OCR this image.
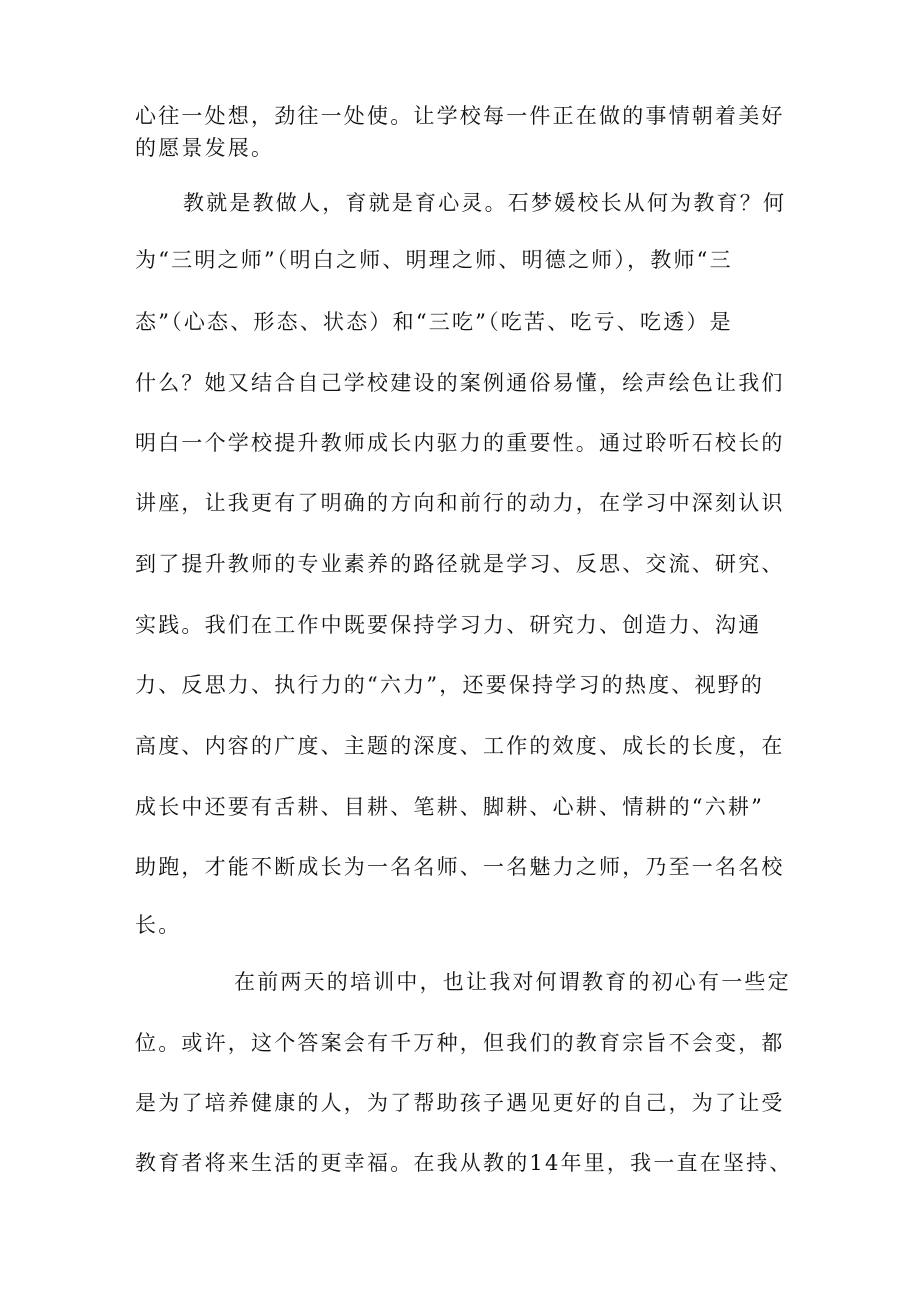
心往一处想，劲往一处使。让学校每一件正在做的事情朝着美好

的愿景发展。

教就是教做人，育就是育心灵。石梦媛校长从何为教育？何

为“三明之师”（明白之师、明理之师、明德之师），教师“三

态”（心态、形态、状态）和“三吃”（吃苦、吃亏、吃透）是

什么？她又结合自己学校建设的案例通俗易懂，绘声绘色让我们

明白一个学校提升教师成长内驱力的重要性。通过聆听石校长的

讲座，让我更有了明确的方向和前行的动力，在学习中深刻认识

到了提升教师的专业素养的路径就是学习、反思、交流、研究、

实践。我们在工作中既要保持学习力、研究力、创造力、沟通

力、反思力、执行力的“六力”，还要保持学习的热度、视野的

高度、内容的广度、主题的深度、工作的效度、成长的长度，在

成长中还要有舌耕、目耕、笔耕、脚耕、心耕、情耕的“六耕”

助跑，才能不断成长为一名名师、一名魅力之师，乃至一名名校

长。

在前两天的培训中，也让我对何谓教育的初心有一些定

位。或许，这个答案会有千万种，但我们的教育宗旨不会变，都

是为了培养健康的人，为了帮助孩子遇见更好的自己，为了让受

教育者将来生活的更幸福。在我从教的14年里，我一直在坚持、
